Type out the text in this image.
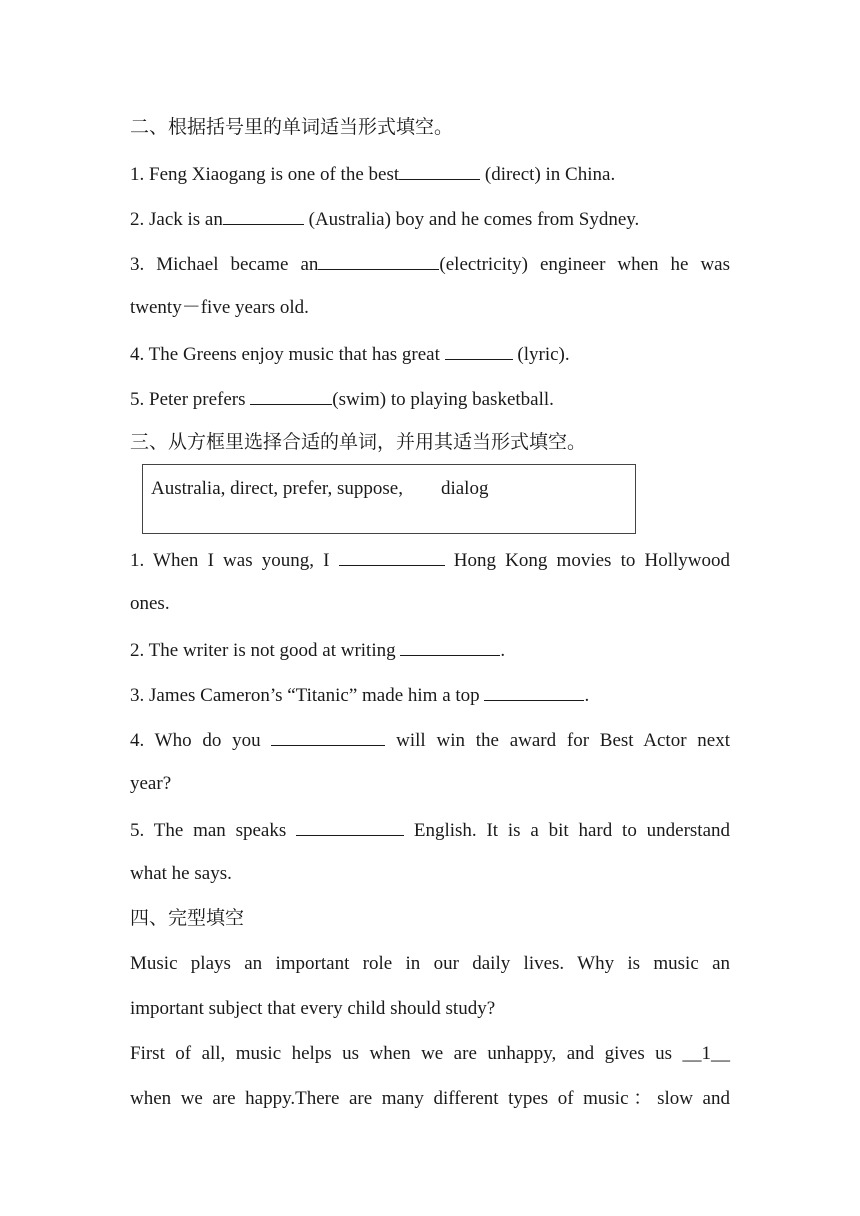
二、根据括号里的单词适当形式填空。
1. Feng Xiaogang is one of the best	(direct) in China.
2. Jack is an	(Australia) boy and he comes from Sydney.
3. Michael became an	(electricity) engineer when he was
twenty－five years old.
4. The Greens enjoy music that has great	(lyric).
5. Peter prefers	(swim) to playing basketball.
三、从方框里选择合适的单词，并用其适当形式填空。
Australia, direct, prefer, suppose,        dialog
1. When I was young, I	Hong Kong movies to Hollywood
ones.
2. The writer is not good at writing	.
3. James Cameron’s “Titanic” made him a top	.
4. Who do you	will win the award for Best Actor next
year?
5. The man speaks	English. It is a bit hard to understand
what he says.
四、完型填空
Music plays an important role in our daily lives. Why is music an
important subject that every child should study?
First of all, music helps us when we are unhappy, and gives us __1__
when we are happy.There are many different types of music：slow and
